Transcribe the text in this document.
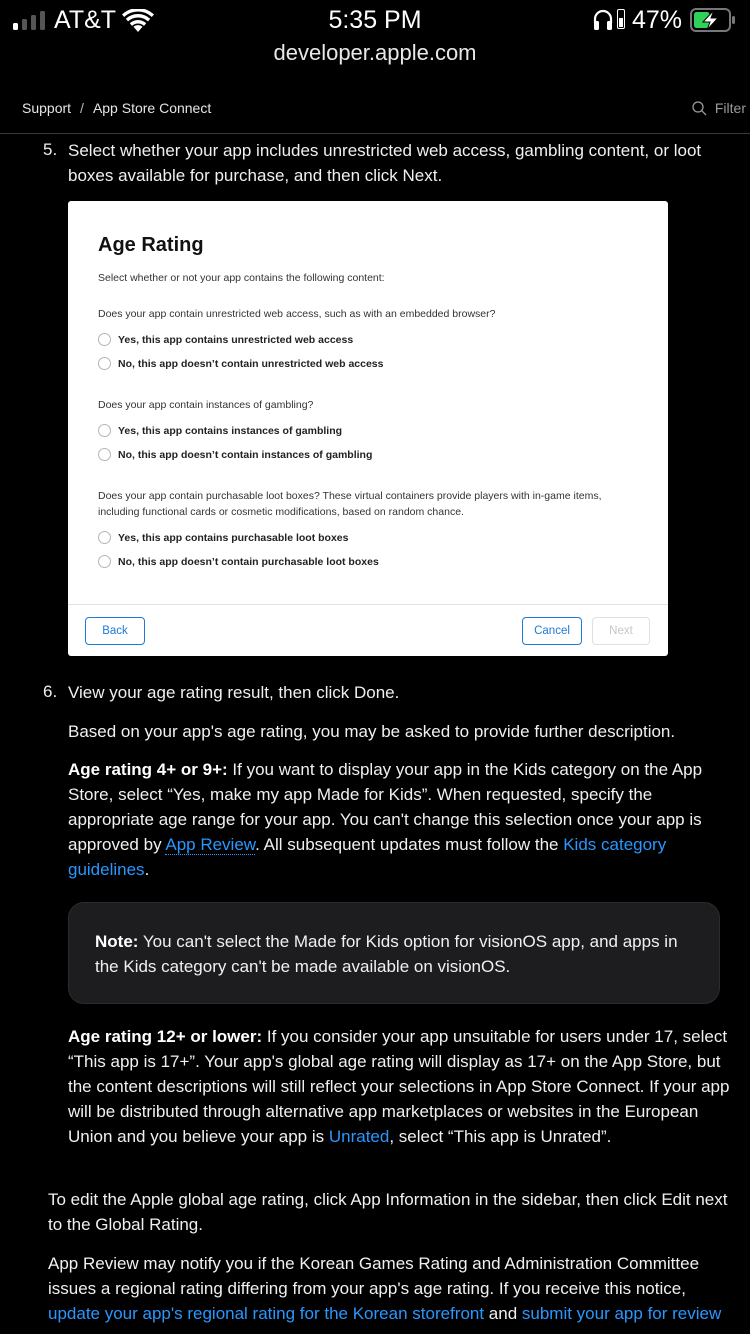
AT&T	5:35 PM	47%
developer.apple.com
Support / App Store Connect	Filter
5. Select whether your app includes unrestricted web access, gambling content, or loot boxes available for purchase, and then click Next.
Age Rating
Select whether or not your app contains the following content:
Does your app contain unrestricted web access, such as with an embedded browser?
Yes, this app contains unrestricted web access
No, this app doesn’t contain unrestricted web access
Does your app contain instances of gambling?
Yes, this app contains instances of gambling
No, this app doesn’t contain instances of gambling
Does your app contain purchasable loot boxes? These virtual containers provide players with in-game items, including functional cards or cosmetic modifications, based on random chance.
Yes, this app contains purchasable loot boxes
No, this app doesn’t contain purchasable loot boxes
Back	Cancel	Next
6. View your age rating result, then click Done.
Based on your app's age rating, you may be asked to provide further description.
Age rating 4+ or 9+: If you want to display your app in the Kids category on the App Store, select “Yes, make my app Made for Kids”. When requested, specify the appropriate age range for your app. You can't change this selection once your app is approved by App Review. All subsequent updates must follow the Kids category guidelines.
Note: You can't select the Made for Kids option for visionOS app, and apps in the Kids category can't be made available on visionOS.
Age rating 12+ or lower: If you consider your app unsuitable for users under 17, select “This app is 17+”. Your app's global age rating will display as 17+ on the App Store, but the content descriptions will still reflect your selections in App Store Connect. If your app will be distributed through alternative app marketplaces or websites in the European Union and you believe your app is Unrated, select “This app is Unrated”.
To edit the Apple global age rating, click App Information in the sidebar, then click Edit next to the Global Rating.
App Review may notify you if the Korean Games Rating and Administration Committee issues a regional rating differing from your app's age rating. If you receive this notice, update your app's regional rating for the Korean storefront and submit your app for review
